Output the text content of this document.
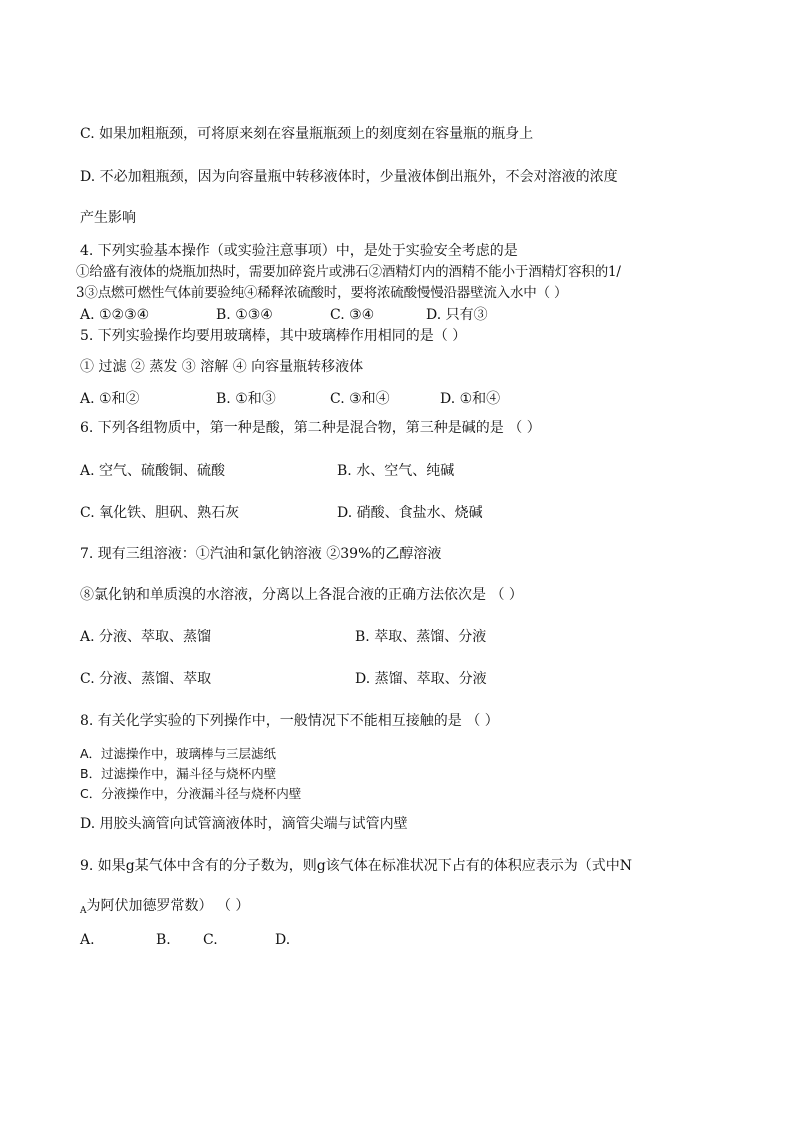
C. 如果加粗瓶颈，可将原来刻在容量瓶瓶颈上的刻度刻在容量瓶的瓶身上
D. 不必加粗瓶颈，因为向容量瓶中转移液体时，少量液体倒出瓶外，不会对溶液的浓度
产生影响
4. 下列实验基本操作（或实验注意事项）中，是处于实验安全考虑的是
①给盛有液体的烧瓶加热时，需要加碎瓷片或沸石②酒精灯内的酒精不能小于酒精灯容积的1/
3③点燃可燃性气体前要验纯④稀释浓硫酸时，要将浓硫酸慢慢沿器壁流入水中（ ）
A. ①②③④	B. ①③④	C. ③④	D. 只有③
5. 下列实验操作均要用玻璃棒，其中玻璃棒作用相同的是（ ）
① 过滤 ② 蒸发 ③ 溶解 ④ 向容量瓶转移液体
A. ①和②	B. ①和③	C. ③和④	D. ①和④
6. 下列各组物质中，第一种是酸，第二种是混合物，第三种是碱的是 （ ）
A. 空气、硫酸铜、硫酸	B. 水、空气、纯碱
C. 氧化铁、胆矾、熟石灰	D. 硝酸、食盐水、烧碱
7. 现有三组溶液：①汽油和氯化钠溶液 ②39%的乙醇溶液
⑧氯化钠和单质溴的水溶液，分离以上各混合液的正确方法依次是 （ ）
A. 分液、萃取、蒸馏	B. 萃取、蒸馏、分液
C. 分液、蒸馏、萃取	D. 蒸馏、萃取、分液
8. 有关化学实验的下列操作中，一般情况下不能相互接触的是 （ ）
A．过滤操作中，玻璃棒与三层滤纸
B．过滤操作中，漏斗径与烧杯内壁
C．分液操作中，分液漏斗径与烧杯内壁
D. 用胶头滴管向试管滴液体时，滴管尖端与试管内壁
9. 如果g某气体中含有的分子数为，则g该气体在标准状况下占有的体积应表示为（式中N
$_A$为阿伏加德罗常数） （ ）
A.	B. C.	D.
